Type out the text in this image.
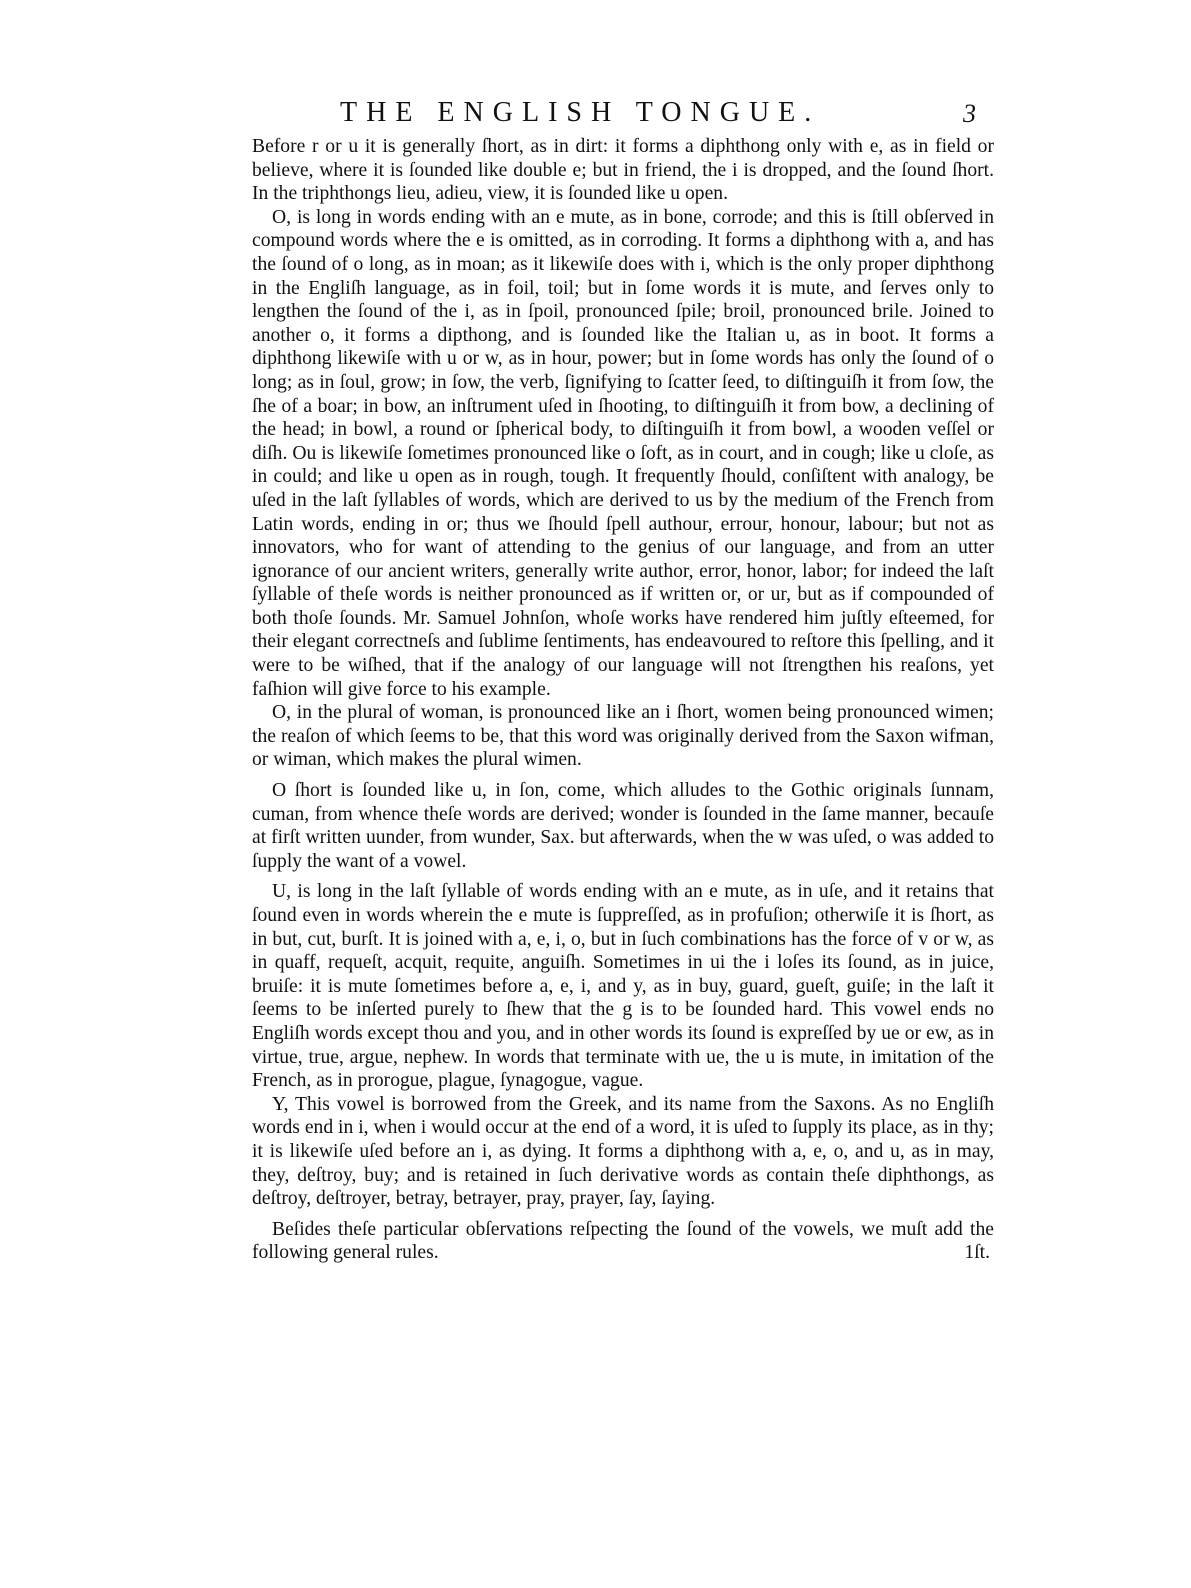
THE ENGLISH TONGUE.	3

Before r or u it is generally ſhort, as in dirt: it forms a diphthong only with e, as in field or believe, where it is ſounded like double e; but in friend, the i is dropped, and the ſound ſhort. In the triphthongs lieu, adieu, view, it is ſounded like u open.

O, is long in words ending with an e mute, as in bone, corrode; and this is ſtill obſerved in compound words where the e is omitted, as in corroding. It forms a diphthong with a, and has the ſound of o long, as in moan; as it likewiſe does with i, which is the only proper diphthong in the Engliſh language, as in foil, toil; but in ſome words it is mute, and ſerves only to lengthen the ſound of the i, as in ſpoil, pronounced ſpile; broil, pronounced brile. Joined to another o, it forms a dipthong, and is ſounded like the Italian u, as in boot. It forms a diphthong likewiſe with u or w, as in hour, power; but in ſome words has only the ſound of o long; as in ſoul, grow; in ſow, the verb, ſignifying to ſcatter ſeed, to diſtinguiſh it from ſow, the ſhe of a boar; in bow, an inſtrument uſed in ſhooting, to diſtinguiſh it from bow, a declining of the head; in bowl, a round or ſpherical body, to diſtinguiſh it from bowl, a wooden veſſel or diſh. Ou is likewiſe ſometimes pronounced like o ſoft, as in court, and in cough; like u cloſe, as in could; and like u open as in rough, tough. It frequently ſhould, conſiſtent with analogy, be uſed in the laſt ſyllables of words, which are derived to us by the medium of the French from Latin words, ending in or; thus we ſhould ſpell authour, errour, honour, labour; but not as innovators, who for want of attending to the genius of our language, and from an utter ignorance of our ancient writers, generally write author, error, honor, labor; for indeed the laſt ſyllable of theſe words is neither pronounced as if written or, or ur, but as if compounded of both thoſe ſounds. Mr. Samuel Johnſon, whoſe works have rendered him juſtly eſteemed, for their elegant correctneſs and ſublime ſentiments, has endeavoured to reſtore this ſpelling, and it were to be wiſhed, that if the analogy of our language will not ſtrengthen his reaſons, yet faſhion will give force to his example.

O, in the plural of woman, is pronounced like an i ſhort, women being pronounced wimen; the reaſon of which ſeems to be, that this word was originally derived from the Saxon wifman, or wiman, which makes the plural wimen.

O ſhort is ſounded like u, in ſon, come, which alludes to the Gothic originals ſunnam, cuman, from whence theſe words are derived; wonder is ſounded in the ſame manner, becauſe at firſt written uunder, from wunder, Sax. but afterwards, when the w was uſed, o was added to ſupply the want of a vowel.

U, is long in the laſt ſyllable of words ending with an e mute, as in uſe, and it retains that ſound even in words wherein the e mute is ſuppreſſed, as in profuſion; otherwiſe it is ſhort, as in but, cut, burſt. It is joined with a, e, i, o, but in ſuch combinations has the force of v or w, as in quaff, requeſt, acquit, requite, anguiſh. Sometimes in ui the i loſes its ſound, as in juice, bruiſe: it is mute ſometimes before a, e, i, and y, as in buy, guard, gueſt, guiſe; in the laſt it ſeems to be inſerted purely to ſhew that the g is to be ſounded hard. This vowel ends no Engliſh words except thou and you, and in other words its ſound is expreſſed by ue or ew, as in virtue, true, argue, nephew. In words that terminate with ue, the u is mute, in imitation of the French, as in prorogue, plague, ſynagogue, vague.

Y, This vowel is borrowed from the Greek, and its name from the Saxons. As no Engliſh words end in i, when i would occur at the end of a word, it is uſed to ſupply its place, as in thy; it is likewiſe uſed before an i, as dying. It forms a diphthong with a, e, o, and u, as in may, they, deſtroy, buy; and is retained in ſuch derivative words as contain theſe diphthongs, as deſtroy, deſtroyer, betray, betrayer, pray, prayer, ſay, ſaying.

Beſides theſe particular obſervations reſpecting the ſound of the vowels, we muſt add the following general rules.	1ſt.
